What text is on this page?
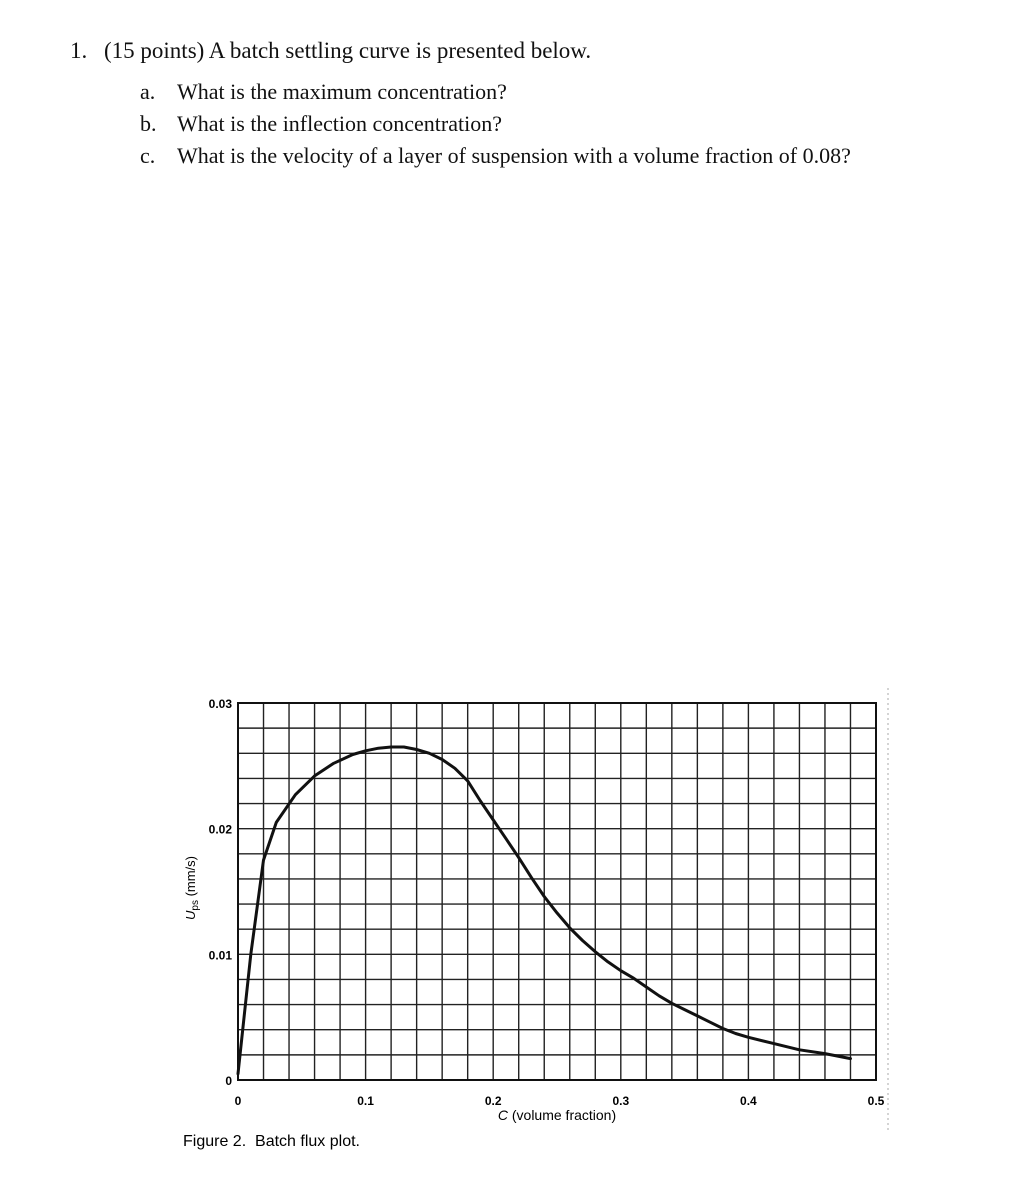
1. (15 points) A batch settling curve is presented below.
a. What is the maximum concentration?
b. What is the inflection concentration?
c. What is the velocity of a layer of suspension with a volume fraction of 0.08?
C (volume fraction)
$U_{ps}$ (mm/s)
Figure 2.  Batch flux plot.
0
0.01
0.02
0.03
0	0.1	0.2	0.3	0.4	0.5
